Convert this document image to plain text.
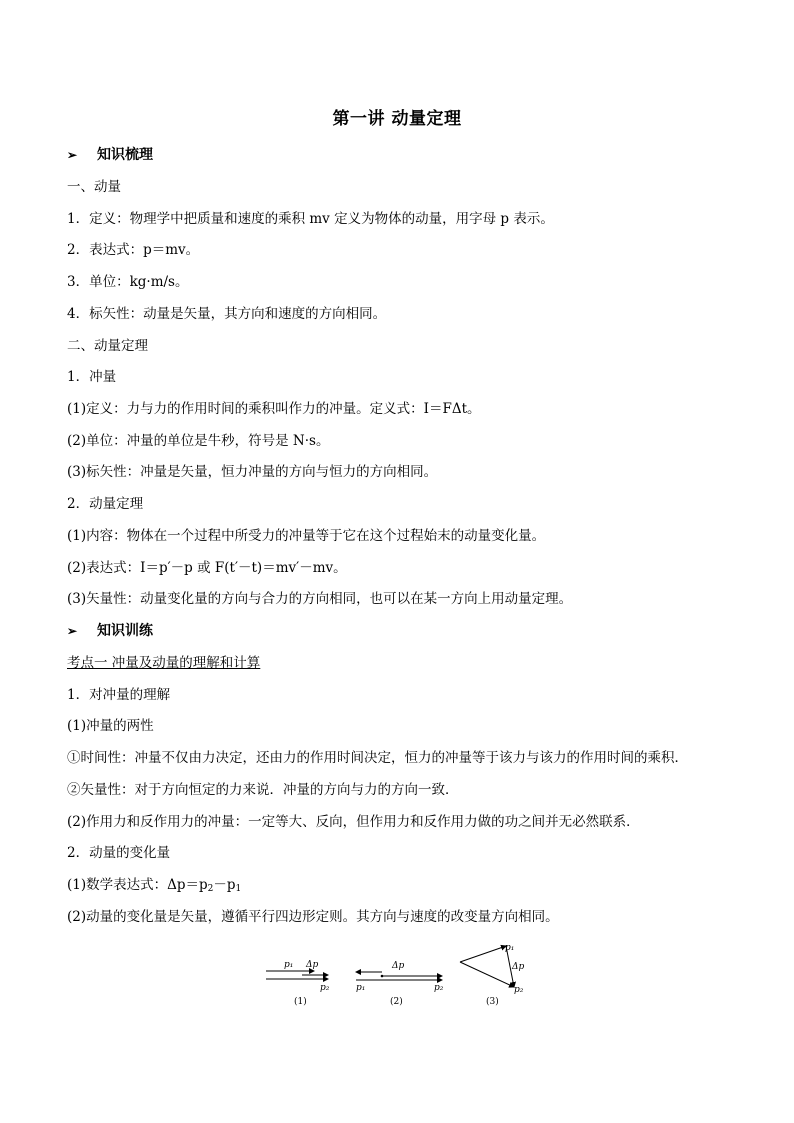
第一讲 动量定理
➢ 知识梳理
一、动量
1．定义：物理学中把质量和速度的乘积 mv 定义为物体的动量，用字母 p 表示。
2．表达式：p＝mv。
3．单位：kg·m/s。
4．标矢性：动量是矢量，其方向和速度的方向相同。
二、动量定理
1．冲量
(1)定义：力与力的作用时间的乘积叫作力的冲量。定义式：I＝FΔt。
(2)单位：冲量的单位是牛秒，符号是 N·s。
(3)标矢性：冲量是矢量，恒力冲量的方向与恒力的方向相同。
2．动量定理
(1)内容：物体在一个过程中所受力的冲量等于它在这个过程始末的动量变化量。
(2)表达式：I＝p′－p 或 F(t′－t)＝mv′－mv。
(3)矢量性：动量变化量的方向与合力的方向相同，也可以在某一方向上用动量定理。
➢ 知识训练
考点一 冲量及动量的理解和计算
1．对冲量的理解
(1)冲量的两性
①时间性：冲量不仅由力决定，还由力的作用时间决定，恒力的冲量等于该力与该力的作用时间的乘积．
②矢量性：对于方向恒定的力来说．冲量的方向与力的方向一致．
(2)作用力和反作用力的冲量：一定等大、反向，但作用力和反作用力做的功之间并无必然联系．
2．动量的变化量
(1)数学表达式：$\Delta p=p_2-p_1$
(2)动量的变化量是矢量，遵循平行四边形定则。其方向与速度的改变量方向相同。
p₁ Δp
p₂
(1)
p₁
Δp
p₂
(2)
p₁
Δp
p₂
(3)
